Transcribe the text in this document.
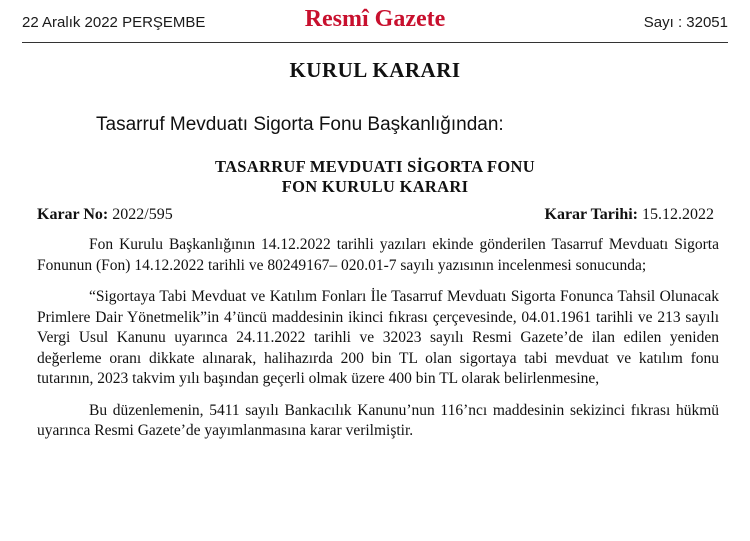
22 Aralık 2022 PERŞEMBE	Resmî Gazete	Sayı : 32051
KURUL KARARI
Tasarruf Mevduatı Sigorta Fonu Başkanlığından:
TASARRUF MEVDUATI SİGORTA FONU
FON KURULU KARARI
Karar No: 2022/595	Karar Tarihi: 15.12.2022

Fon Kurulu Başkanlığının 14.12.2022 tarihli yazıları ekinde gönderilen Tasarruf Mevduatı Sigorta Fonunun (Fon) 14.12.2022 tarihli ve 80249167– 020.01-7 sayılı yazısının incelenmesi sonucunda;

“Sigortaya Tabi Mevduat ve Katılım Fonları İle Tasarruf Mevduatı Sigorta Fonunca Tahsil Olunacak Primlere Dair Yönetmelik”in 4’üncü maddesinin ikinci fıkrası çerçevesinde, 04.01.1961 tarihli ve 213 sayılı Vergi Usul Kanunu uyarınca 24.11.2022 tarihli ve 32023 sayılı Resmi Gazete’de ilan edilen yeniden değerleme oranı dikkate alınarak, halihazırda 200 bin TL olan sigortaya tabi mevduat ve katılım fonu tutarının, 2023 takvim yılı başından geçerli olmak üzere 400 bin TL olarak belirlenmesine,

Bu düzenlemenin, 5411 sayılı Bankacılık Kanunu’nun 116’ncı maddesinin sekizinci fıkrası hükmü uyarınca Resmi Gazete’de yayımlanmasına karar verilmiştir.
